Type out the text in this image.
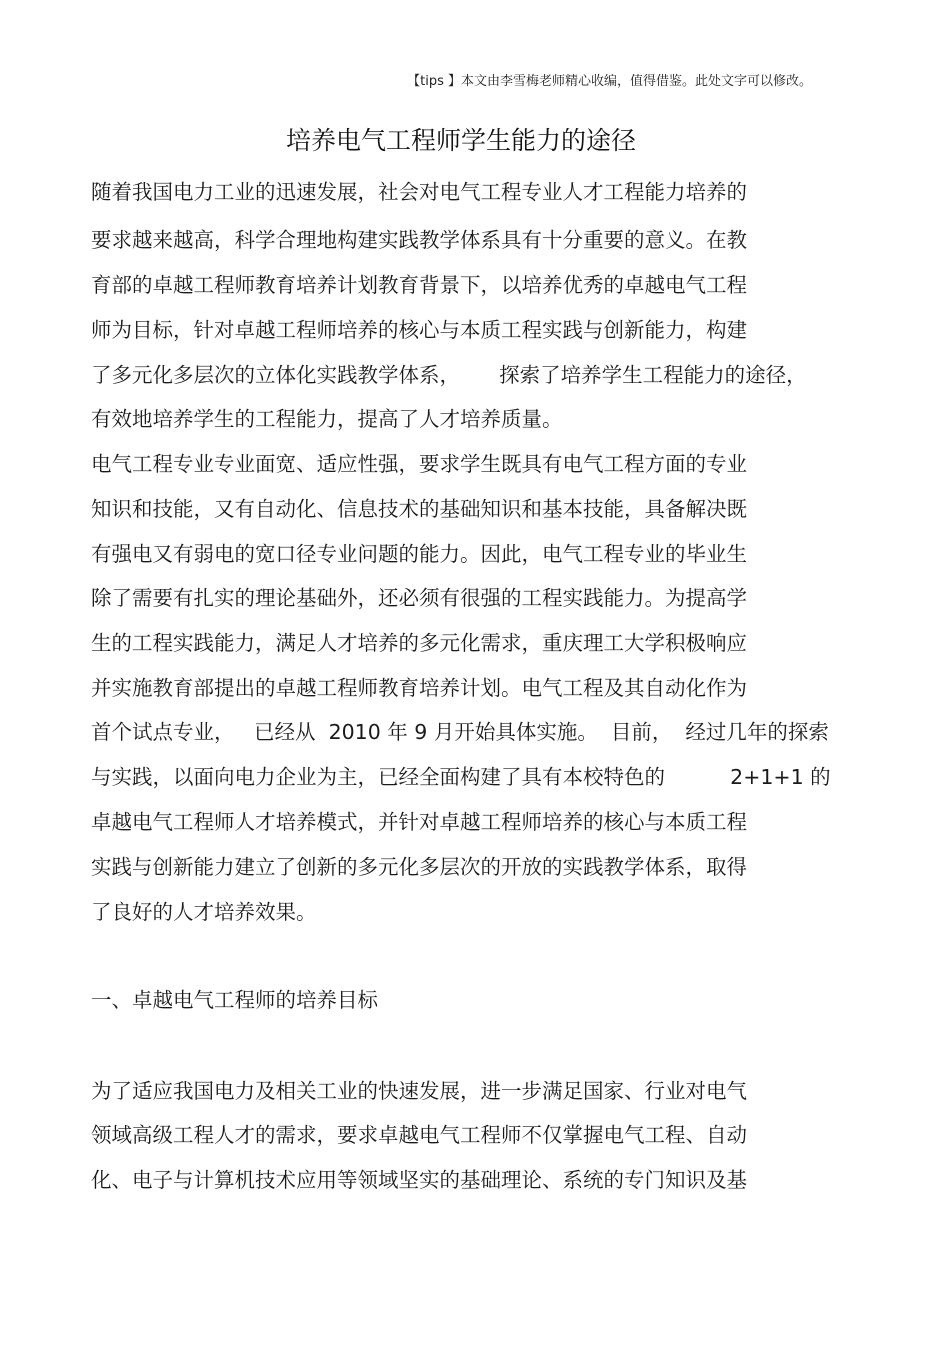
【tips 】本文由李雪梅老师精心收编，值得借鉴。此处文字可以修改。
培养电气工程师学生能力的途径
随着我国电力工业的迅速发展，社会对电气工程专业人才工程能力培养的
要求越来越高，科学合理地构建实践教学体系具有十分重要的意义。在教
育部的卓越工程师教育培养计划教育背景下，以培养优秀的卓越电气工程
师为目标，针对卓越工程师培养的核心与本质工程实践与创新能力，构建
了多元化多层次的立体化实践教学体系，      探索了培养学生工程能力的途径，
有效地培养学生的工程能力，提高了人才培养质量。
电气工程专业专业面宽、适应性强，要求学生既具有电气工程方面的专业
知识和技能，又有自动化、信息技术的基础知识和基本技能，具备解决既
有强电又有弱电的宽口径专业问题的能力。因此，电气工程专业的毕业生
除了需要有扎实的理论基础外，还必须有很强的工程实践能力。为提高学
生的工程实践能力，满足人才培养的多元化需求，重庆理工大学积极响应
并实施教育部提出的卓越工程师教育培养计划。电气工程及其自动化作为
首个试点专业，   已经从  2010 年 9 月开始具体实施。  目前，  经过几年的探索
与实践，以面向电力企业为主，已经全面构建了具有本校特色的          2+1+1 的
卓越电气工程师人才培养模式，并针对卓越工程师培养的核心与本质工程
实践与创新能力建立了创新的多元化多层次的开放的实践教学体系，取得
了良好的人才培养效果。
一、卓越电气工程师的培养目标
为了适应我国电力及相关工业的快速发展，进一步满足国家、行业对电气
领域高级工程人才的需求，要求卓越电气工程师不仅掌握电气工程、自动
化、电子与计算机技术应用等领域坚实的基础理论、系统的专门知识及基
